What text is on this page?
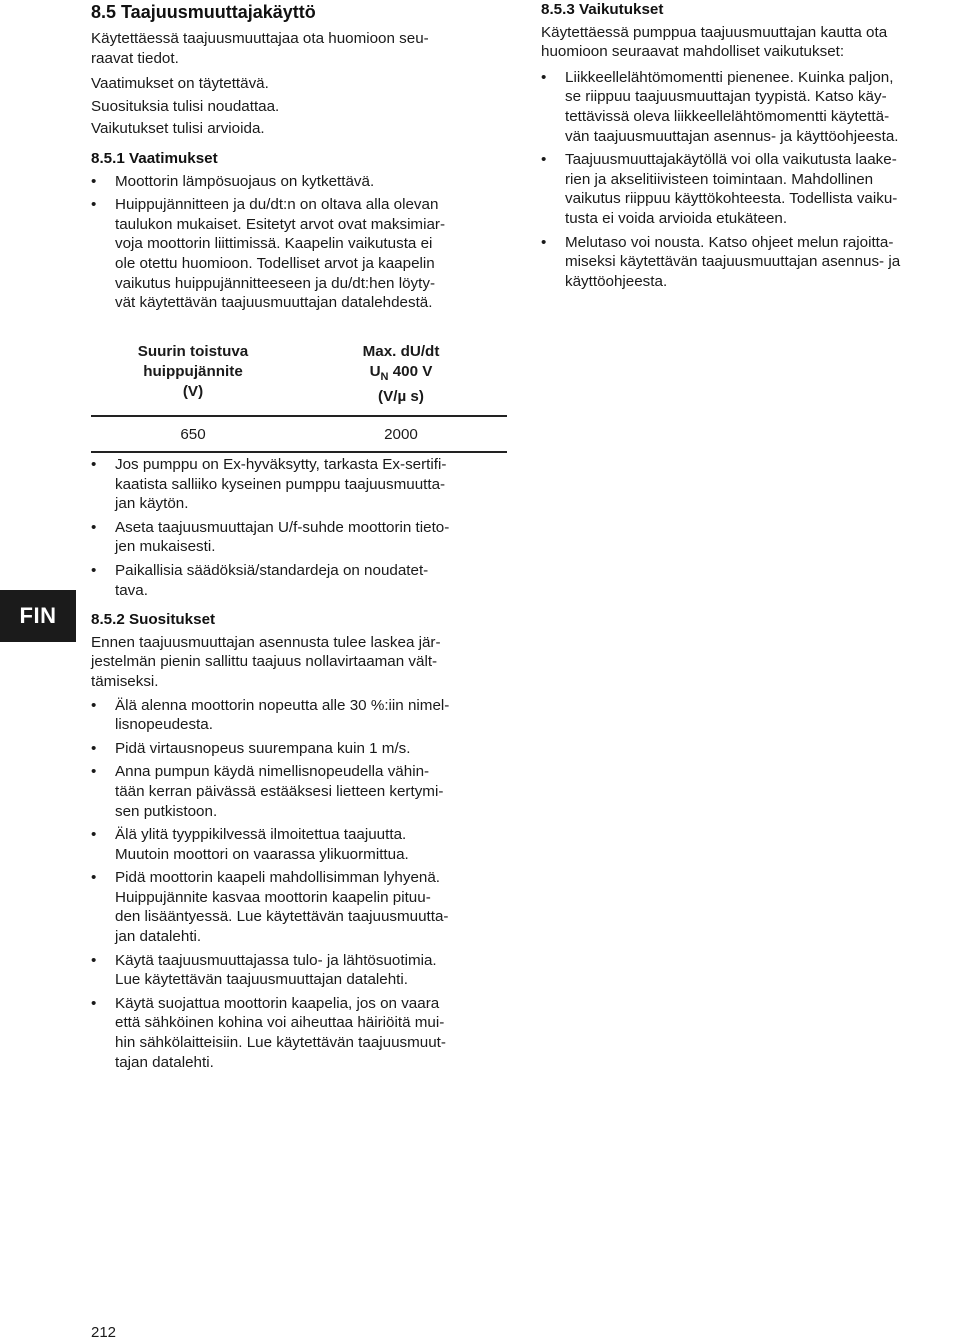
8.5 Taajuusmuuttajakäyttö

Käytettäessä taajuusmuuttajaa ota huomioon seu-
raavat tiedot.

Vaatimukset on täytettävä.

Suosituksia tulisi noudattaa.

Vaikutukset tulisi arvioida.

8.5.1 Vaatimukset
• Moottorin lämpösuojaus on kytkettävä.
• Huippujännitteen ja du/dt:n on oltava alla olevan
taulukon mukaiset. Esitetyt arvot ovat maksimiar-
voja moottorin liittimissä. Kaapelin vaikutusta ei
ole otettu huomioon. Todelliset arvot ja kaapelin
vaikutus huippujännitteeseen ja du/dt:hen löyty-
vät käytettävän taajuusmuuttajan datalehdestä.
Suurin toistuva
huippujännite
(V)
Max. dU/dt
$U_N$ 400 V
(V/µ s)
650	2000
• Jos pumppu on Ex-hyväksytty, tarkasta Ex-sertifi-
kaatista salliiko kyseinen pumppu taajuusmuutta-
jan käytön.
• Aseta taajuusmuuttajan U/f-suhde moottorin tieto-
jen mukaisesti.
• Paikallisia säädöksiä/standardeja on noudatet-
tava.
8.5.2 Suositukset

Ennen taajuusmuuttajan asennusta tulee laskea jär-
jestelmän pienin sallittu taajuus nollavirtaaman vält-
tämiseksi.

• Älä alenna moottorin nopeutta alle 30 %:iin nimel-
lisnopeudesta.
• Pidä virtausnopeus suurempana kuin 1 m/s.
• Anna pumpun käydä nimellisnopeudella vähin-
tään kerran päivässä estääksesi lietteen kertymi-
sen putkistoon.
• Älä ylitä tyyppikilvessä ilmoitettua taajuutta.
Muutoin moottori on vaarassa ylikuormittua.
• Pidä moottorin kaapeli mahdollisimman lyhyenä.
Huippujännite kasvaa moottorin kaapelin pituu-
den lisääntyessä. Lue käytettävän taajuusmuutta-
jan datalehti.
• Käytä taajuusmuuttajassa tulo- ja lähtösuotimia.
Lue käytettävän taajuusmuuttajan datalehti.
• Käytä suojattua moottorin kaapelia, jos on vaara
että sähköinen kohina voi aiheuttaa häiriöitä mui-
hin sähkölaitteisiin. Lue käytettävän taajuusmuut-
tajan datalehti.
8.5.3 Vaikutukset

Käytettäessä pumppua taajuusmuuttajan kautta ota
huomioon seuraavat mahdolliset vaikutukset:

• Liikkeellelähtömomentti pienenee. Kuinka paljon,
se riippuu taajuusmuuttajan tyypistä. Katso käy-
tettävissä oleva liikkeellelähtömomentti käytettä-
vän taajuusmuuttajan asennus- ja käyttöohjeesta.
• Taajuusmuuttajakäytöllä voi olla vaikutusta laake-
rien ja akselitiivisteen toimintaan. Mahdollinen
vaikutus riippuu käyttökohteesta. Todellista vaiku-
tusta ei voida arvioida etukäteen.
• Melutaso voi nousta. Katso ohjeet melun rajoitta-
miseksi käytettävän taajuusmuuttajan asennus- ja
käyttöohjeesta.
FIN
212
